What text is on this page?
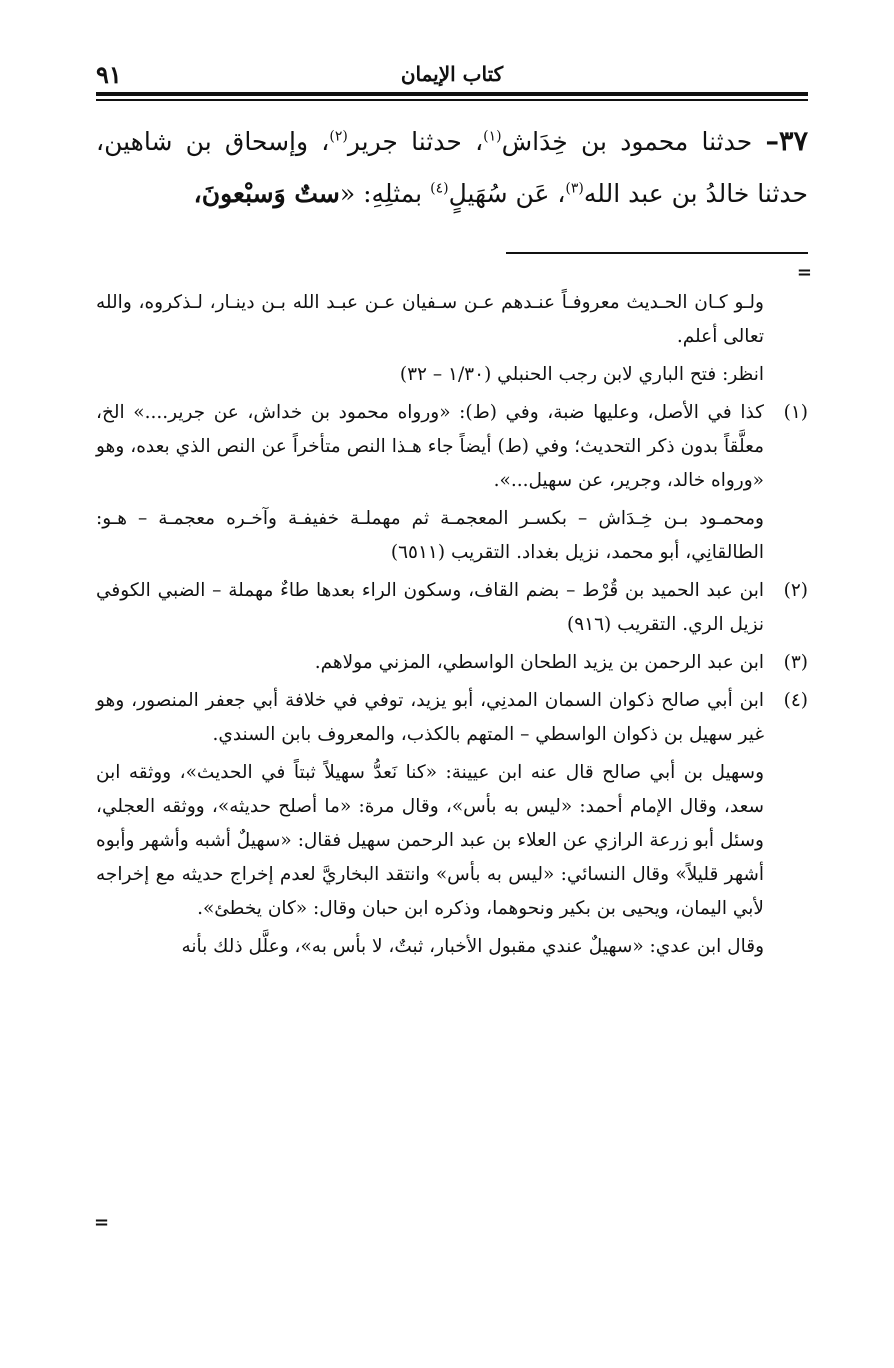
٩١	كتاب الإيمان
٣٧– حدثنا محمود بن خِدَاش$^{(١)}$، حدثنا جرير$^{(٢)}$، وإسحاق بن شاهين، حدثنا خالدُ بن عبد الله$^{(٣)}$، عَن سُهَيلٍ$^{(٤)}$ بمثلِهِ: «ستٌ وَسبْعونَ،
=

ولـو كـان الحـديث معروفـاً عنـدهم عـن سـفيان عـن عبـد الله بـن دينـار، لـذكروه، والله تعالى أعلم.

انظر: فتح الباري لابن رجب الحنبلي (١/٣٠ – ٣٢)

(١)كذا في الأصل، وعليها ضبة، وفي (ط): «ورواه محمود بن خداش، عن جرير....» الخ، معلَّقاً بدون ذكر التحديث؛ وفي (ط) أيضاً جاء هـذا النص متأخراً عن النص الذي بعده، وهو «ورواه خالد، وجرير، عن سهيل...».

ومحمـود بـن خِـدَاش – بكسـر المعجمـة ثم مهملـة خفيفـة وآخـره معجمـة – هـو: الطالقانِي، أبو محمد، نزيل بغداد. التقريب (٦٥١١)

(٢)ابن عبد الحميد بن قُرْط – بضم القاف، وسكون الراء بعدها طاءٌ مهملة – الضبي الكوفي نزيل الري. التقريب (٩١٦)

(٣)ابن عبد الرحمن بن يزيد الطحان الواسطي، المزني مولاهم.

(٤)ابن أبي صالح ذكوان السمان المدنِي، أبو يزيد، توفي في خلافة أبي جعفر المنصور، وهو غير سهيل بن ذكوان الواسطي – المتهم بالكذب، والمعروف بابن السندي.

وسهيل بن أبي صالح قال عنه ابن عيينة: «كنا نَعدُّ سهيلاً ثبتاً في الحديث»، ووثقه ابن سعد، وقال الإمام أحمد: «ليس به بأس»، وقال مرة: «ما أصلح حديثه»، ووثقه العجلي، وسئل أبو زرعة الرازي عن العلاء بن عبد الرحمن سهيل فقال: «سهيلٌ أشبه وأشهر وأبوه أشهر قليلاً» وقال النسائي: «ليس به بأس» وانتقد البخاريَّ لعدم إخراج حديثه مع إخراجه لأبي اليمان، ويحيى بن بكير ونحوهما، وذكره ابن حبان وقال: «كان يخطئ».

وقال ابن عدي: «سهيلٌ عندي مقبول الأخبار، ثبتٌ، لا بأس به»، وعلَّل ذلك بأنه

=
